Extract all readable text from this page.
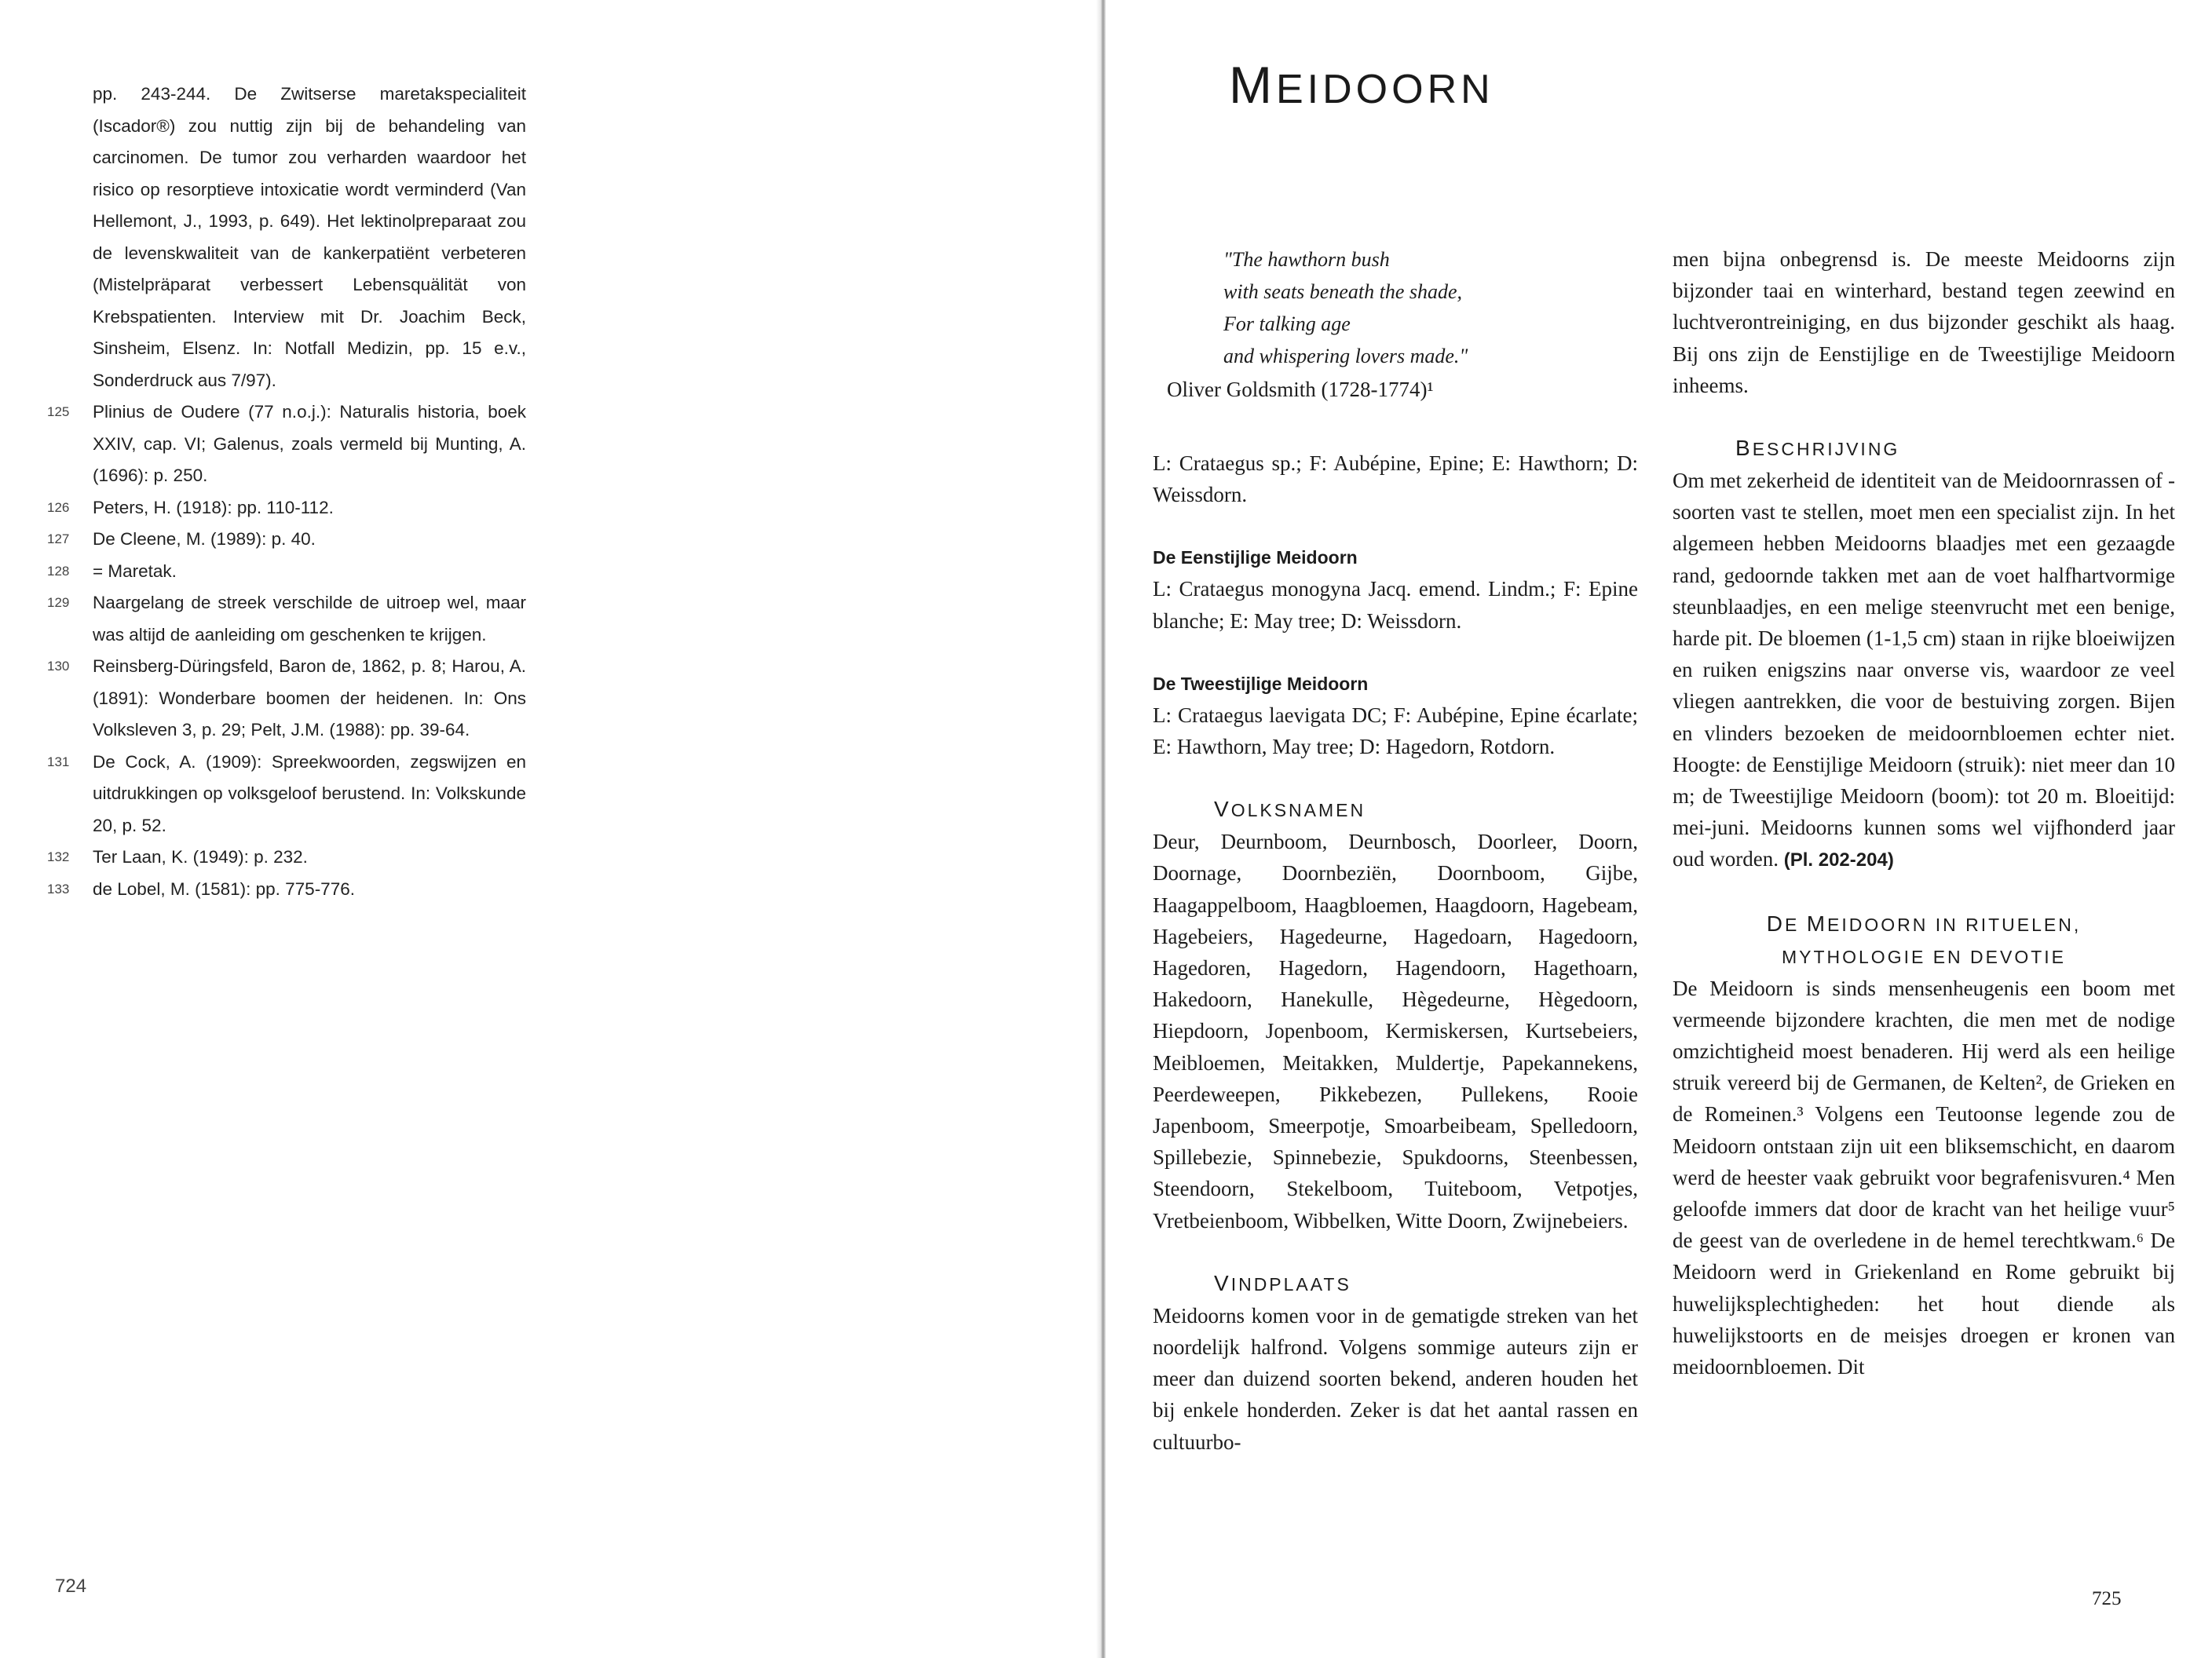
pp. 243-244. De Zwitserse maretakspecialiteit (Iscador®) zou nuttig zijn bij de behandeling van carcinomen. De tumor zou verharden waardoor het risico op resorptieve intoxicatie wordt verminderd (Van Hellemont, J., 1993, p. 649). Het lektinolpreparaat zou de levenskwaliteit van de kankerpatiënt verbeteren (Mistelpräparat verbessert Lebensquälität von Krebspatienten. Interview mit Dr. Joachim Beck, Sinsheim, Elsenz. In: Notfall Medizin, pp. 15 e.v., Sonderdruck aus 7/97).
125	Plinius de Oudere (77 n.o.j.): Naturalis historia, boek XXIV, cap. VI; Galenus, zoals vermeld bij Munting, A. (1696): p. 250.
126	Peters, H. (1918): pp. 110-112.
127	De Cleene, M. (1989): p. 40.
128	= Maretak.
129	Naargelang de streek verschilde de uitroep wel, maar was altijd de aanleiding om geschenken te krijgen.
130	Reinsberg-Düringsfeld, Baron de, 1862, p. 8; Harou, A. (1891): Wonderbare boomen der heidenen. In: Ons Volksleven 3, p. 29; Pelt, J.M. (1988): pp. 39-64.
131	De Cock, A. (1909): Spreekwoorden, zegswijzen en uitdrukkingen op volksgeloof berustend. In: Volkskunde 20, p. 52.
132	Ter Laan, K. (1949): p. 232.
133	de Lobel, M. (1581): pp. 775-776.
724
MEIDOORN
"The hawthorn bush
with seats beneath the shade,
For talking age
and whispering lovers made."
Oliver Goldsmith (1728-1774)¹

L: Crataegus sp.; F: Aubépine, Epine; E: Hawthorn; D: Weissdorn.

De Eenstijlige Meidoorn

L: Crataegus monogyna Jacq. emend. Lindm.; F: Epine blanche; E: May tree; D: Weissdorn.

De Tweestijlige Meidoorn

L: Crataegus laevigata DC; F: Aubépine, Epine écarlate; E: Hawthorn, May tree; D: Hagedorn, Rotdorn.

VOLKSNAMEN

Deur, Deurnboom, Deurnbosch, Doorleer, Doorn, Doornage, Doornbeziën, Doornboom, Gijbe, Haagappelboom, Haagbloemen, Haagdoorn, Hagebeam, Hagebeiers, Hagedeurne, Hagedoarn, Hagedoorn, Hagedoren, Hagedorn, Hagendoorn, Hagethoarn, Hakedoorn, Hanekulle, Hègedeurne, Hègedoorn, Hiepdoorn, Jopenboom, Kermiskersen, Kurtsebeiers, Meibloemen, Meitakken, Muldertje, Papekannekens, Peerdeweepen, Pikkebezen, Pullekens, Rooie Japenboom, Smeerpotje, Smoarbeibeam, Spelledoorn, Spillebezie, Spinnebezie, Spukdoorns, Steenbessen, Steendoorn, Stekelboom, Tuiteboom, Vetpotjes, Vretbeienboom, Wibbelken, Witte Doorn, Zwijnebeiers.

VINDPLAATS

Meidoorns komen voor in de gematigde streken van het noordelijk halfrond. Volgens sommige auteurs zijn er meer dan duizend soorten bekend, anderen houden het bij enkele honderden. Zeker is dat het aantal rassen en cultuurbo-

men bijna onbegrensd is. De meeste Meidoorns zijn bijzonder taai en winterhard, bestand tegen zeewind en luchtverontreiniging, en dus bijzonder geschikt als haag. Bij ons zijn de Eenstijlige en de Tweestijlige Meidoorn inheems.

BESCHRIJVING

Om met zekerheid de identiteit van de Meidoornrassen of -soorten vast te stellen, moet men een specialist zijn. In het algemeen hebben Meidoorns blaadjes met een gezaagde rand, gedoornde takken met aan de voet halfhartvormige steunblaadjes, en een melige steenvrucht met een benige, harde pit. De bloemen (1-1,5 cm) staan in rijke bloeiwijzen en ruiken enigszins naar onverse vis, waardoor ze veel vliegen aantrekken, die voor de bestuiving zorgen. Bijen en vlinders bezoeken de meidoornbloemen echter niet. Hoogte: de Eenstijlige Meidoorn (struik): niet meer dan 10 m; de Tweestijlige Meidoorn (boom): tot 20 m. Bloeitijd: mei-juni. Meidoorns kunnen soms wel vijfhonderd jaar oud worden. (Pl. 202-204)

DE MEIDOORN IN RITUELEN,
MYTHOLOGIE EN DEVOTIE

De Meidoorn is sinds mensenheugenis een boom met vermeende bijzondere krachten, die men met de nodige omzichtigheid moest benaderen. Hij werd als een heilige struik vereerd bij de Germanen, de Kelten², de Grieken en de Romeinen.³ Volgens een Teutoonse legende zou de Meidoorn ontstaan zijn uit een bliksemschicht, en daarom werd de heester vaak gebruikt voor begrafenisvuren.⁴ Men geloofde immers dat door de kracht van het heilige vuur⁵ de geest van de overledene in de hemel terechtkwam.⁶ De Meidoorn werd in Griekenland en Rome gebruikt bij huwelijksplechtigheden: het hout diende als huwelijkstoorts en de meisjes droegen er kronen van meidoornbloemen. Dit

725
